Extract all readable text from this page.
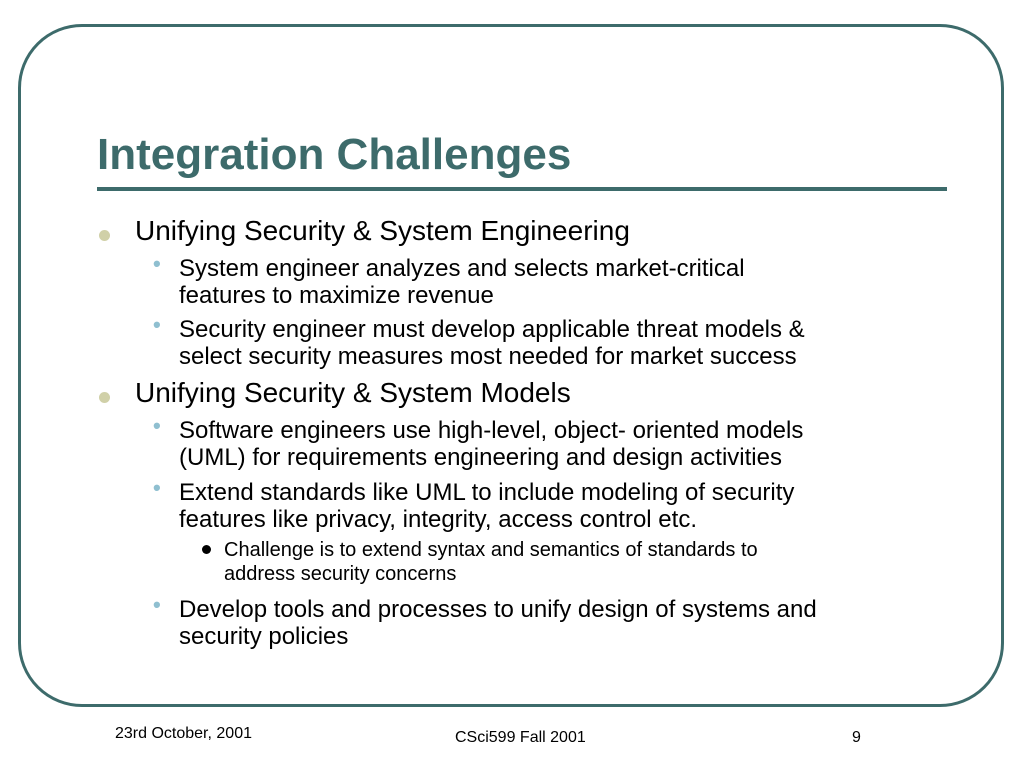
Integration Challenges
Unifying Security & System Engineering
• System engineer analyzes and selects market-critical
features to maximize revenue
• Security engineer must develop applicable threat models &
select security measures most needed for market success
Unifying Security & System Models
• Software engineers use high-level, object- oriented models
(UML) for requirements engineering and design activities
• Extend standards like UML to include modeling of security
features like privacy, integrity, access control etc.
Challenge is to extend syntax and semantics of standards to
address security concerns
• Develop tools and processes to unify design of systems and
security policies
23rd October, 2001	CSci599 Fall 2001	9
